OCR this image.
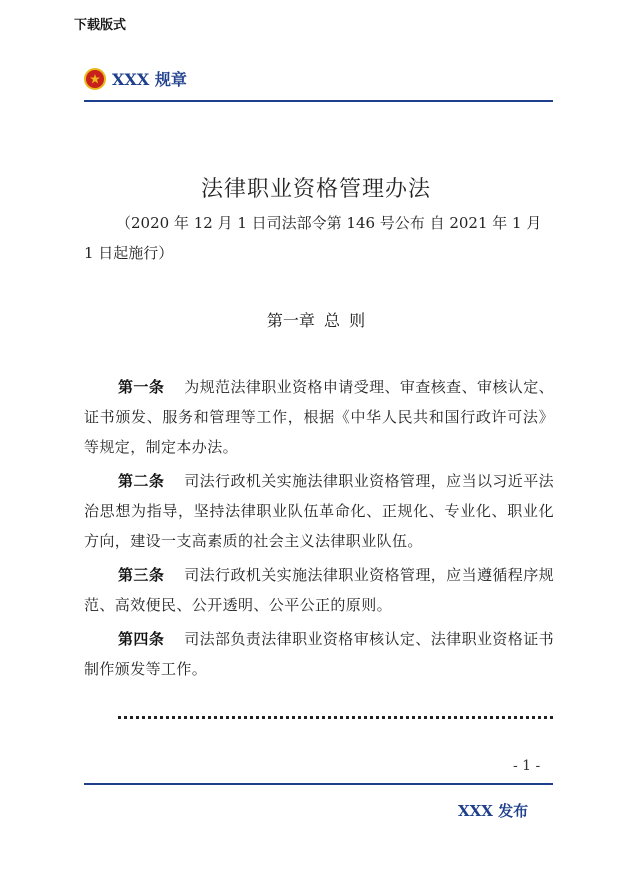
下载版式
XXX 规章
法律职业资格管理办法
（2020 年 12 月 1 日司法部令第 146 号公布 自 2021 年 1 月
1 日起施行）
第一章 总 则

第一条 为规范法律职业资格申请受理、审查核查、审核认定、证书颁发、服务和管理等工作，根据《中华人民共和国行政许可法》等规定，制定本办法。

第二条 司法行政机关实施法律职业资格管理，应当以习近平法治思想为指导，坚持法律职业队伍革命化、正规化、专业化、职业化方向，建设一支高素质的社会主义法律职业队伍。

第三条 司法行政机关实施法律职业资格管理，应当遵循程序规范、高效便民、公开透明、公平公正的原则。

第四条 司法部负责法律职业资格审核认定、法律职业资格证书制作颁发等工作。

- 1 -
XXX 发布
